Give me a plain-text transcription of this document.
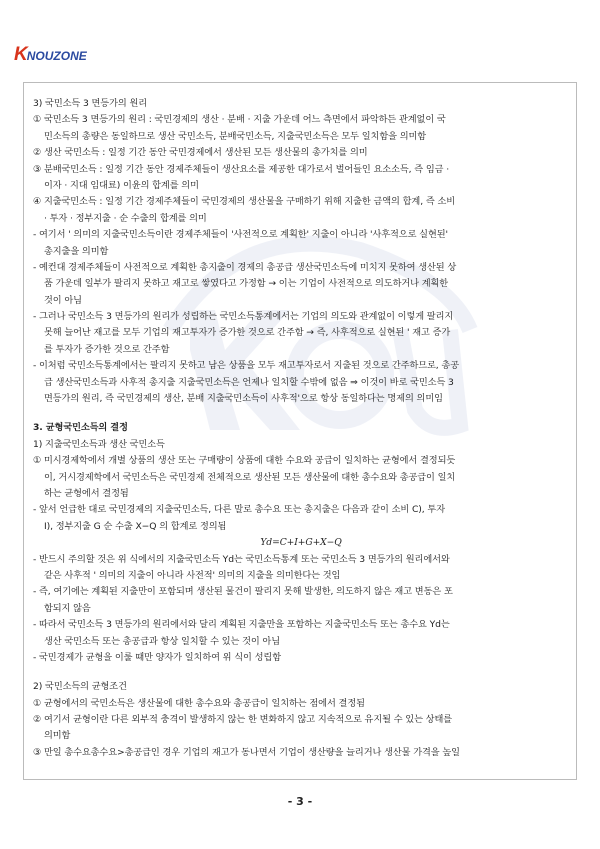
K NOUZONE
3) 국민소득 3 면등가의 원리
① 국민소득 3 면등가의 원리 : 국민경제의 생산 · 분배 · 지출 가운데 어느 측면에서 파악하든 관계없이 국
민소득의 총량은 동일하므로 생산 국민소득, 분배국민소득, 지출국민소득은 모두 일치함을 의미함
② 생산 국민소득 : 일정 기간 동안 국민경제에서 생산된 모든 생산물의 총가치를 의미
③ 분배국민소득 : 일정 기간 동안 경제주체들이 생산요소를 제공한 대가로서 벌어들인 요소소득, 즉 임금 ·
이자 · 지대 임대료) 이윤의 합계를 의미
④ 지출국민소득 : 일정 기간 경제주체들이 국민경제의 생산물을 구매하기 위해 지출한 금액의 합계, 즉 소비
· 투자 · 정부지출 · 순 수출의 합계를 의미
- 여기서 ' 의미의 지출국민소득이란 경제주체들이 '사전적으로 계획한' 지출이 아니라 '사후적으로 실현된'
총지출을 의미함
- 예컨대 경제주체들이 사전적으로 계획한 총지출이 경제의 총공급 생산국민소득에 미치지 못하여 생산된 상
품 가운데 일부가 팔리지 못하고 재고로 쌓였다고 가정함 → 이는 기업이 사전적으로 의도하거나 계획한
것이 아님
- 그러나 국민소득 3 면등가의 원리가 성립하는 국민소득통계에서는 기업의 의도와 관계없이 이렇게 팔리지
못해 늘어난 재고를 모두 기업의 재고투자가 증가한 것으로 간주함 → 즉, 사후적으로 실현된 ' 재고 증가
를 투자가 증가한 것으로 간주함
- 이처럼 국민소득통계에서는 팔리지 못하고 남은 상품을 모두 재고투자로서 지출된 것으로 간주하므로, 총공
급 생산국민소득과 사후적 총지출 지출국민소득은 언제나 일치할 수밖에 없음 ⇒ 이것이 바로 국민소득 3
면등가의 원리, 즉 국민경제의 생산, 분배 지출국민소득이 사후적'으로 항상 동일하다는 명제의 의미임
3. 균형국민소득의 결정
1) 지출국민소득과 생산 국민소득
① 미시경제학에서 개별 상품의 생산 또는 구매량이 상품에 대한 수요와 공급이 일치하는 균형에서 결정되듯
이, 거시경제학에서 국민소득은 국민경제 전체적으로 생산된 모든 생산물에 대한 총수요와 총공급이 일치
하는 균형에서 결정됨
- 앞서 언급한 대로 국민경제의 지출국민소득, 다른 말로 총수요 또는 총지출은 다음과 같이 소비 C), 투자
I), 정부지출 G 순 수출 X−Q 의 합계로 정의됨
Yd=C+I+G+X−Q
- 반드시 주의할 것은 위 식에서의 지출국민소득 Yd는 국민소득통계 또는 국민소득 3 면등가의 원리에서와
같은 사후적 ' 의미의 지출이 아니라 사전적' 의미의 지출을 의미한다는 것임
- 즉, 여기에는 계획된 지출만이 포함되며 생산된 물건이 팔리지 못해 발생한, 의도하지 않은 재고 변동은 포
함되지 않음
- 따라서 국민소득 3 면등가의 원리에서와 달리 계획된 지출만을 포함하는 지출국민소득 또는 총수요 Yd는
생산 국민소득 또는 총공급과 항상 일치할 수 있는 것이 아님
- 국민경제가 균형을 이룰 때만 양자가 일치하여 위 식이 성립함
2) 국민소득의 균형조건
① 균형에서의 국민소득은 생산물에 대한 총수요와 총공급이 일치하는 점에서 결정됨
② 여기서 균형이란 다른 외부적 충격이 발생하지 않는 한 변화하지 않고 지속적으로 유지될 수 있는 상태를
의미함
③ 만일 총수요총수요>총공급인 경우 기업의 재고가 동나면서 기업이 생산량을 늘리거나 생산물 가격을 높일
- 3 -
